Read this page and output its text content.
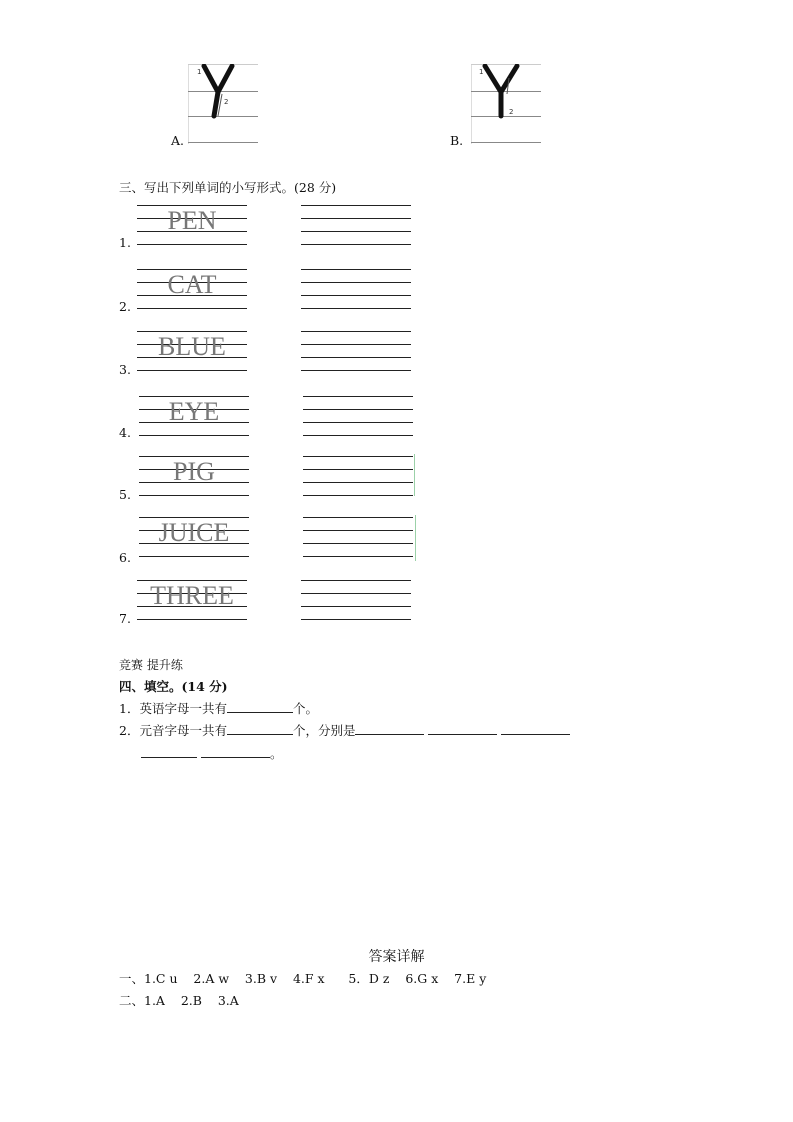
1
2
A.
1
2
B.
三、写出下列单词的小写形式。(28 分)
1.
PEN
2.
CAT
3.
BLUE
4.
EYE
5.
PIG
6.
JUICE
7.
THREE
竞赛 提升练
四、填空。(14 分)
1．英语字母一共有	个。
2．元音字母一共有	个，分别是
。
答案详解
一、1.C u    2.A w    3.B v    4.F x      5．D z    6.G x    7.E y
二、1.A    2.B    3.A
